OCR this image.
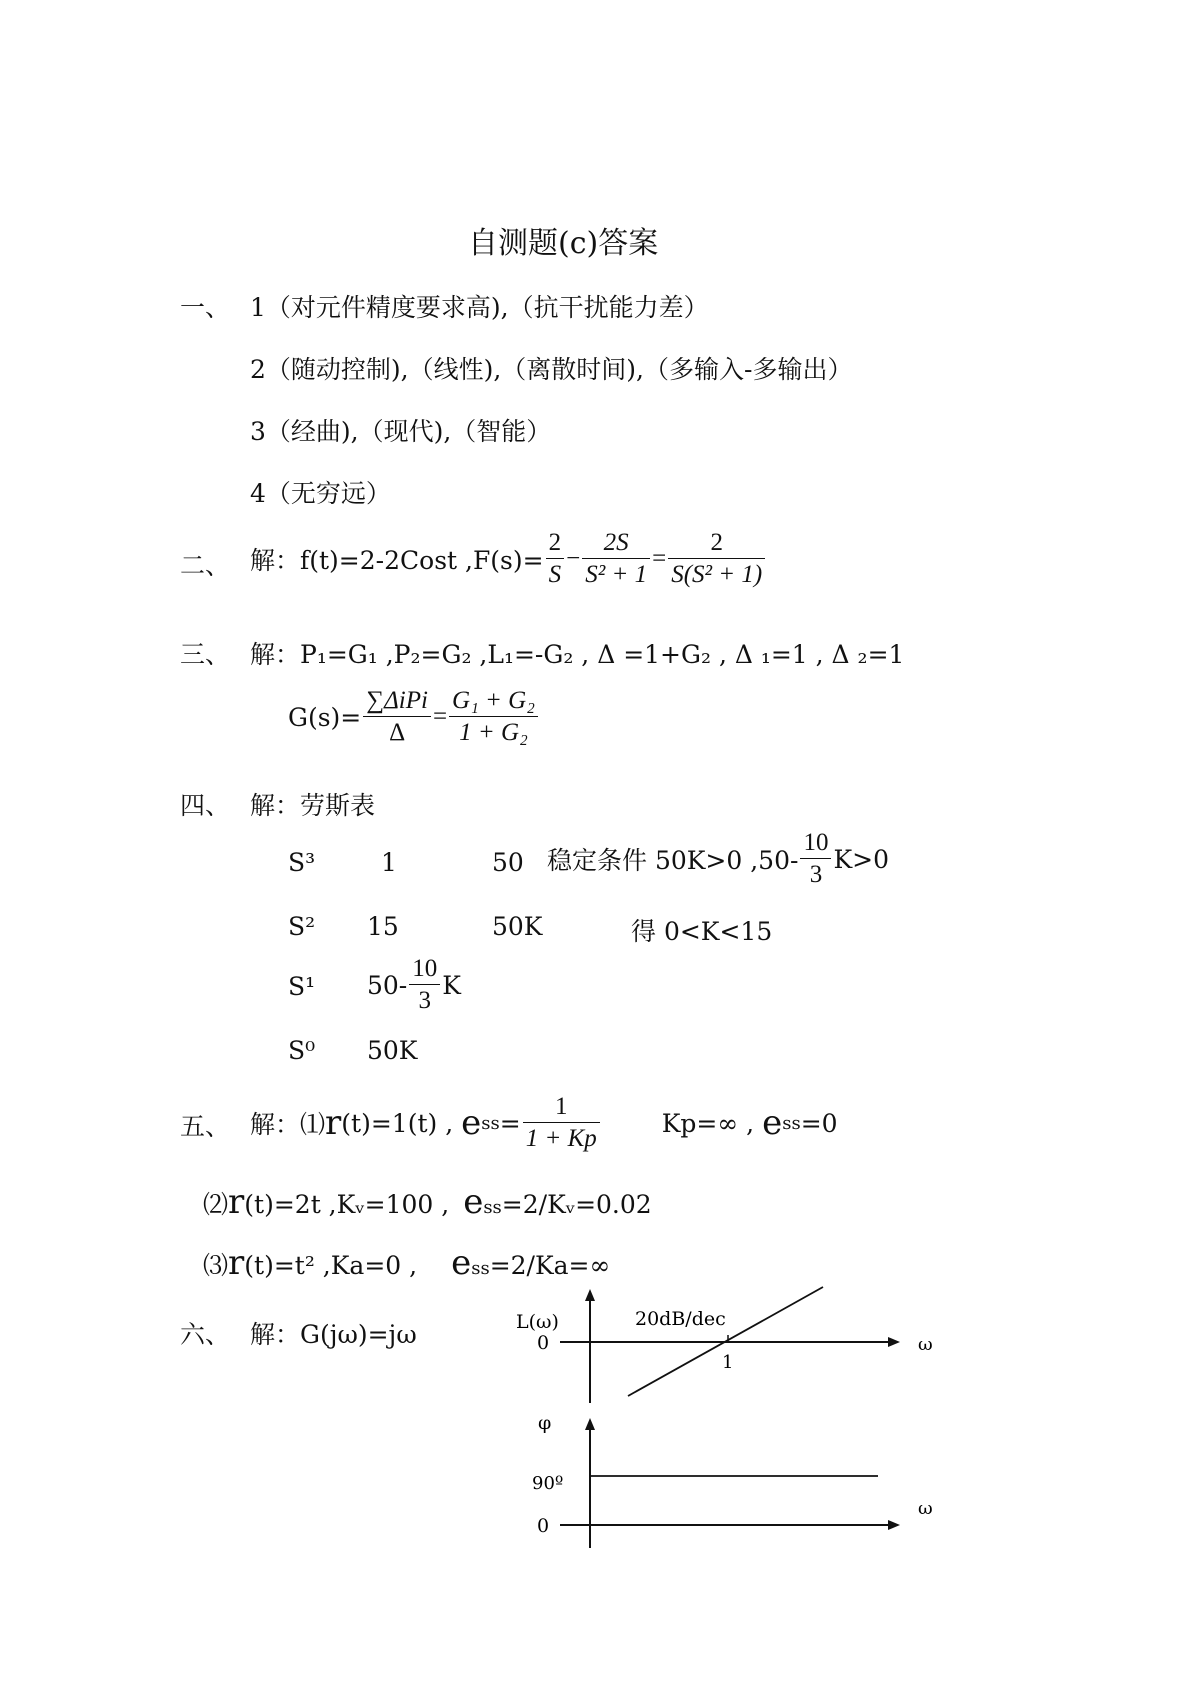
自测题(c)答案
一、 1（对元件精度要求高),（抗干扰能力差）
2（随动控制),（线性),（离散时间),（多输入-多输出）
3（经曲),（现代),（智能）
4（无穷远）
二、 解：f(t)=2-2Cost $,F(s)= \frac{2}{S} - \frac{2S}{\text{S² + 1}} = \frac{2}{\text{S(S² + 1)}}$
三、 解：P₁=G₁ ,P₂=G₂ ,L₁=-G₂ , Δ =1+G₂ , Δ ₁=1 , Δ ₂=1
$G(s)= \frac{\text{∑ΔiPi}}{\Delta} = \frac{\text{G₁ + G₂}}{\text{1 + G₂}}$
四、 解：劳斯表
S³	1	50 稳定条件 50K>0 $,50- \frac{10}{3} K>0$
S² 15	50K	得 0<K<15
S¹ $50- \frac{10}{3}$ K
S⁰ 50K
五、 解：⑴ r (t)=1(t) , e ss = $\frac{1}{1 + Kp} Kp=\infty$ , e ss =0
⑵ r (t)=2t ,Kᵥ=100 , $e_{ss}$ =2/Kᵥ=0.02
⑶ r (t)=t² ,Ka=0 , $e_{ss} =2/Ka=\infty$
六、 解：G(jω)=jω	L(ω)
0
20dB/dec
1
ω
φ
90º
0
ω
